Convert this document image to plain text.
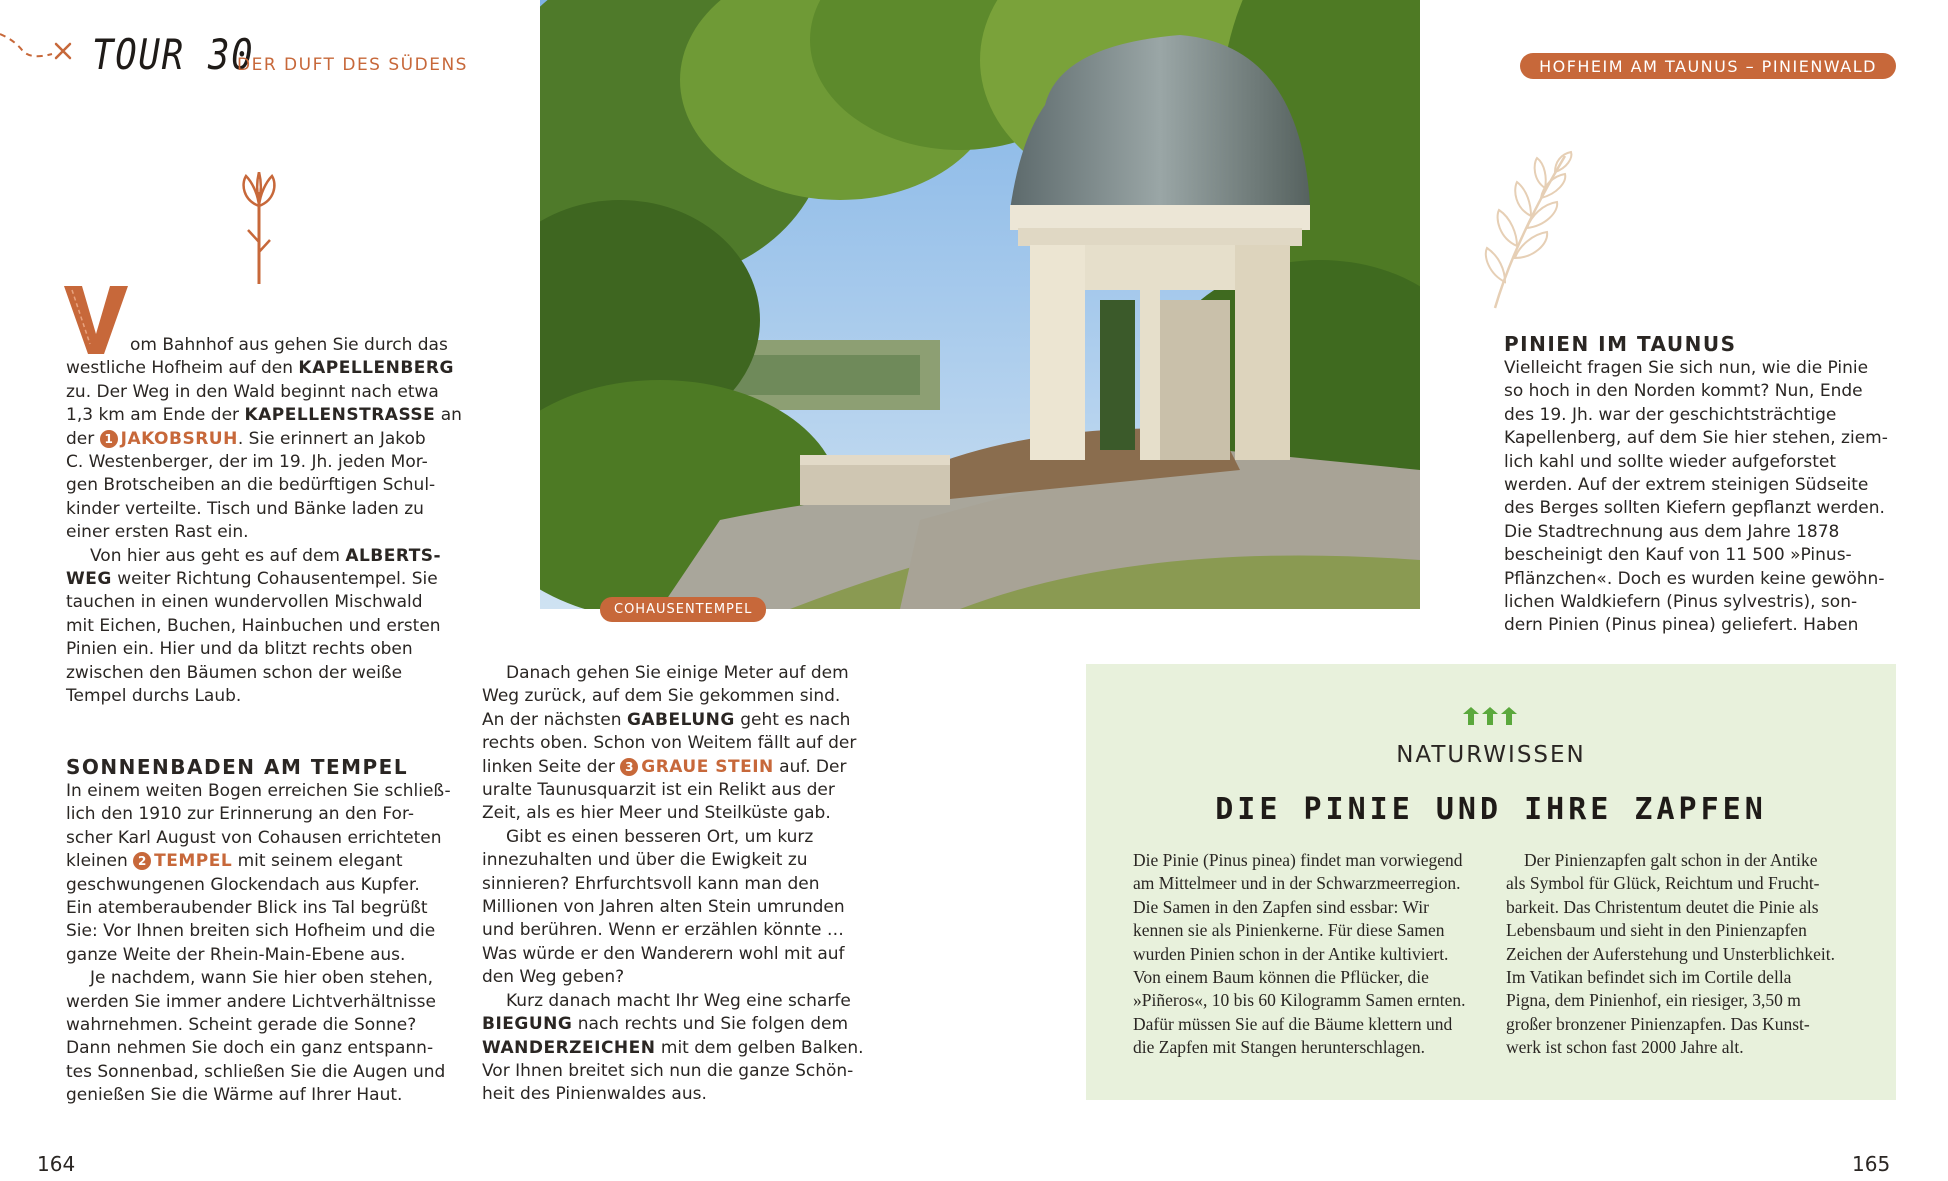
TOUR 30
DER DUFT DES SÜDENS	HOFHEIM AM TAUNUS – PINIENWALD
COHAUSENTEMPEL
om Bahnhof aus gehen Sie durch das
westliche Hofheim auf den KAPELLENBERG
zu. Der Weg in den Wald beginnt nach etwa
1,3 km am Ende der KAPELLENSTRASSE an
der 1 JAKOBSRUH. Sie erinnert an Jakob
C. Westenberger, der im 19. Jh. jeden Mor-
gen Brotscheiben an die bedürftigen Schul-
kinder verteilte. Tisch und Bänke laden zu
einer ersten Rast ein.
Von hier aus geht es auf dem ALBERTS-
WEG weiter Richtung Cohausentempel. Sie
tauchen in einen wundervollen Mischwald
mit Eichen, Buchen, Hainbuchen und ersten
Pinien ein. Hier und da blitzt rechts oben
zwischen den Bäumen schon der weiße
Tempel durchs Laub.
SONNENBADEN AM TEMPEL
In einem weiten Bogen erreichen Sie schließ-
lich den 1910 zur Erinnerung an den For-
scher Karl August von Cohausen errichteten
kleinen 2 TEMPEL mit seinem elegant
geschwungenen Glockendach aus Kupfer.
Ein atemberaubender Blick ins Tal begrüßt
Sie: Vor Ihnen breiten sich Hofheim und die
ganze Weite der Rhein-Main-Ebene aus.
Je nachdem, wann Sie hier oben stehen,
werden Sie immer andere Lichtverhältnisse
wahrnehmen. Scheint gerade die Sonne?
Dann nehmen Sie doch ein ganz entspann-
tes Sonnenbad, schließen Sie die Augen und
genießen Sie die Wärme auf Ihrer Haut.
Danach gehen Sie einige Meter auf dem
Weg zurück, auf dem Sie gekommen sind.
An der nächsten GABELUNG geht es nach
rechts oben. Schon von Weitem fällt auf der
linken Seite der 3 GRAUE STEIN auf. Der
uralte Taunusquarzit ist ein Relikt aus der
Zeit, als es hier Meer und Steilküste gab.
Gibt es einen besseren Ort, um kurz
innezuhalten und über die Ewigkeit zu
sinnieren? Ehrfurchtsvoll kann man den
Millionen von Jahren alten Stein umrunden
und berühren. Wenn er erzählen könnte …
Was würde er den Wanderern wohl mit auf
den Weg geben?
Kurz danach macht Ihr Weg eine scharfe
BIEGUNG nach rechts und Sie folgen dem
WANDERZEICHEN mit dem gelben Balken.
Vor Ihnen breitet sich nun die ganze Schön-
heit des Pinienwaldes aus.
PINIEN IM TAUNUS
Vielleicht fragen Sie sich nun, wie die Pinie
so hoch in den Norden kommt? Nun, Ende
des 19. Jh. war der geschichtsträchtige
Kapellenberg, auf dem Sie hier stehen, ziem-
lich kahl und sollte wieder aufgeforstet
werden. Auf der extrem steinigen Südseite
des Berges sollten Kiefern gepflanzt werden.
Die Stadtrechnung aus dem Jahre 1878
bescheinigt den Kauf von 11 500 »Pinus-
Pflänzchen«. Doch es wurden keine gewöhn-
lichen Waldkiefern (Pinus sylvestris), son-
dern Pinien (Pinus pinea) geliefert. Haben
NATURWISSEN
DIE PINIE UND IHRE ZAPFEN
Die Pinie (Pinus pinea) findet man vorwiegend
am Mittelmeer und in der Schwarzmeerregion.
Die Samen in den Zapfen sind essbar: Wir
kennen sie als Pinienkerne. Für diese Samen
wurden Pinien schon in der Antike kultiviert.
Von einem Baum können die Pflücker, die
»Piñeros«, 10 bis 60 Kilogramm Samen ernten.
Dafür müssen Sie auf die Bäume klettern und
die Zapfen mit Stangen herunterschlagen.
Der Pinienzapfen galt schon in der Antike
als Symbol für Glück, Reichtum und Frucht-
barkeit. Das Christentum deutet die Pinie als
Lebensbaum und sieht in den Pinienzapfen
Zeichen der Auferstehung und Unsterblichkeit.
Im Vatikan befindet sich im Cortile della
Pigna, dem Pinienhof, ein riesiger, 3,50 m
großer bronzener Pinienzapfen. Das Kunst-
werk ist schon fast 2000 Jahre alt.
164	165
